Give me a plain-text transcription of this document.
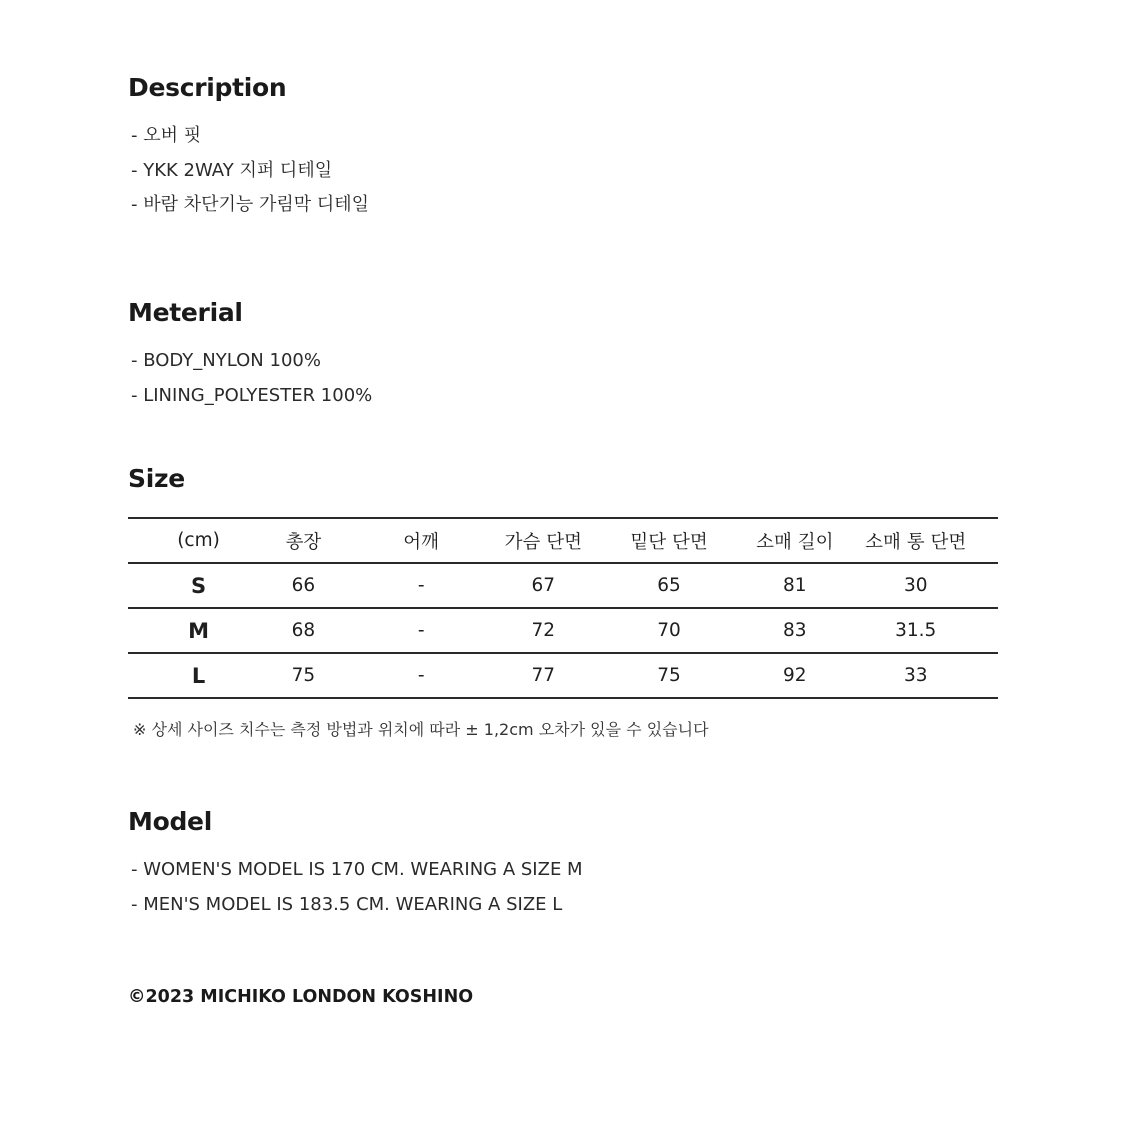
Description
- 오버 핏
- YKK 2WAY 지퍼 디테일
- 바람 차단기능 가림막 디테일
Meterial
- BODY_NYLON 100%
- LINING_POLYESTER 100%
Size
(cm)	총장	어깨	가슴 단면	밑단 단면	소매 길이	소매 통 단면
S	66	-	67	65	81	30
M	68	-	72	70	83	31.5
L	75	-	77	75	92	33

※ 상세 사이즈 치수는 측정 방법과 위치에 따라 ± 1,2cm 오차가 있을 수 있습니다

Model
- WOMEN'S MODEL IS 170 CM. WEARING A SIZE M
- MEN'S MODEL IS 183.5 CM. WEARING A SIZE L

©2023 MICHIKO LONDON KOSHINO
